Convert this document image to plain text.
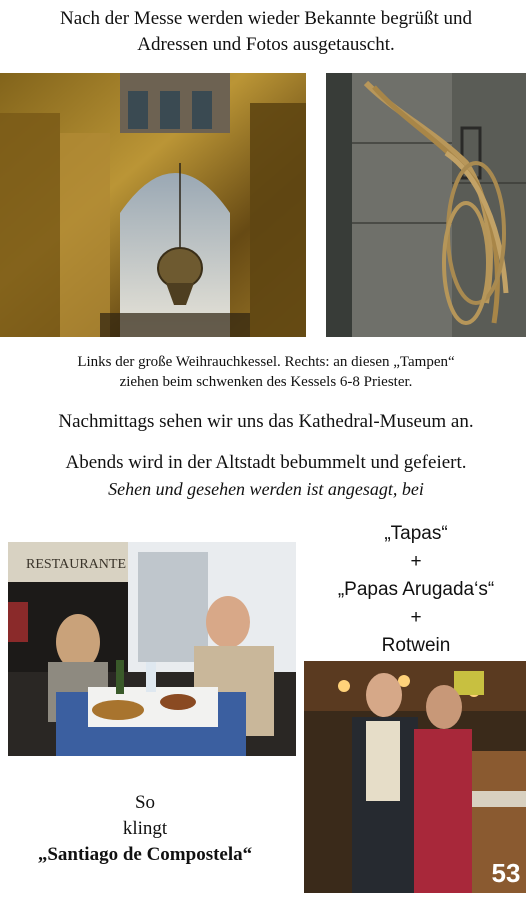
Nach der Messe werden wieder Bekannte begrüßt und
Adressen und Fotos ausgetauscht.
Links der große Weihrauchkessel. Rechts: an diesen „Tampen“
ziehen beim schwenken des Kessels 6-8 Priester.
Nachmittags sehen wir uns das Kathedral-Museum an.
Abends wird in der Altstadt bebummelt und gefeiert.
Sehen und gesehen werden ist angesagt, bei
RESTAURANTE
„Tapas“
+
„Papas Arugada‘s“
+
Rotwein
53
So
klingt
„Santiago de Compostela“
